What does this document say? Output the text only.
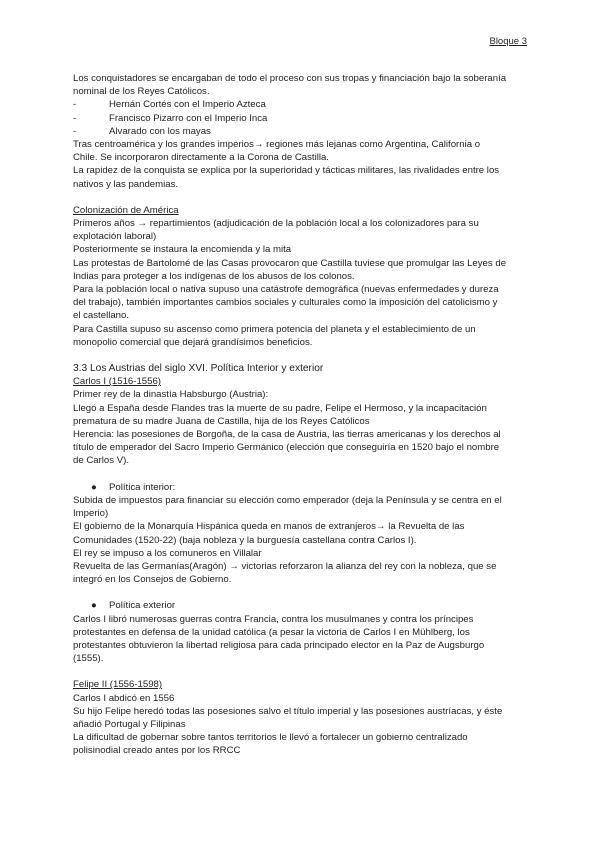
Bloque 3

Los conquistadores se encargaban de todo el proceso con sus tropas y financiación bajo la soberanía

nominal de los Reyes Católicos.

-	Hernán Cortés con el Imperio Azteca
-	Francisco Pizarro con el Imperio Inca
-	Alvarado con los mayas

Tras centroamérica y los grandes imperios→ regiones más lejanas como Argentina, California o

Chile. Se incorporaron directamente a la Corona de Castilla.

La rapidez de la conquista se explica por la superioridad y tácticas militares, las rivalidades entre los

nativos y las pandemias.

Colonización de América

Primeros años → repartimientos (adjudicación de la población local a los colonizadores para su

explotación laboral)

Posteriormente se instaura la encomienda y la mita

Las protestas de Bartolomé de las Casas provocaron que Castilla tuviese que promulgar las Leyes de

Indias para proteger a los indígenas de los abusos de los colonos.

Para la población local o nativa supuso una catástrofe demográfica (nuevas enfermedades y dureza

del trabajo), también importantes cambios sociales y culturales como la imposición del catolicismo y

el castellano.

Para Castilla supuso su ascenso como primera potencia del planeta y el establecimiento de un

monopolio comercial que dejará grandísimos beneficios.

3.3 Los Austrias del siglo XVI. Política Interior y exterior

Carlos I (1516-1556)

Primer rey de la dinastía Habsburgo (Austria):

Llegó a España desde Flandes tras la muerte de su padre, Felipe el Hermoso, y la incapacitación

prematura de su madre Juana de Castilla, hija de los Reyes Católicos

Herencia: las posesiones de Borgoña, de la casa de Austria, las tierras americanas y los derechos al

título de emperador del Sacro Imperio Germánico (elección que conseguiría en 1520 bajo el nombre

de Carlos V).

●	Política interior:

Subida de impuestos para financiar su elección como emperador (deja la Península y se centra en el

Imperio)

El gobierno de la Monarquía Hispánica queda en manos de extranjeros→ la Revuelta de las

Comunidades (1520-22) (baja nobleza y la burguesía castellana contra Carlos I).

El rey se impuso a los comuneros en Villalar

Revuelta de las Germanías(Aragón) → victorias reforzaron la alianza del rey con la nobleza, que se

integró en los Consejos de Gobierno.

●	Política exterior

Carlos I libró numerosas guerras contra Francia, contra los musulmanes y contra los príncipes

protestantes en defensa de la unidad católica (a pesar la victoria de Carlos I en Mühlberg, los

protestantes obtuvieron la libertad religiosa para cada principado elector en la Paz de Augsburgo

(1555).

Felipe II (1556-1598)

Carlos I abdicó en 1556

Su hijo Felipe heredó todas las posesiones salvo el título imperial y las posesiones austríacas, y éste

añadió Portugal y Filipinas

La dificultad de gobernar sobre tantos territorios le llevó a fortalecer un gobierno centralizado

polisinodial creado antes por los RRCC
